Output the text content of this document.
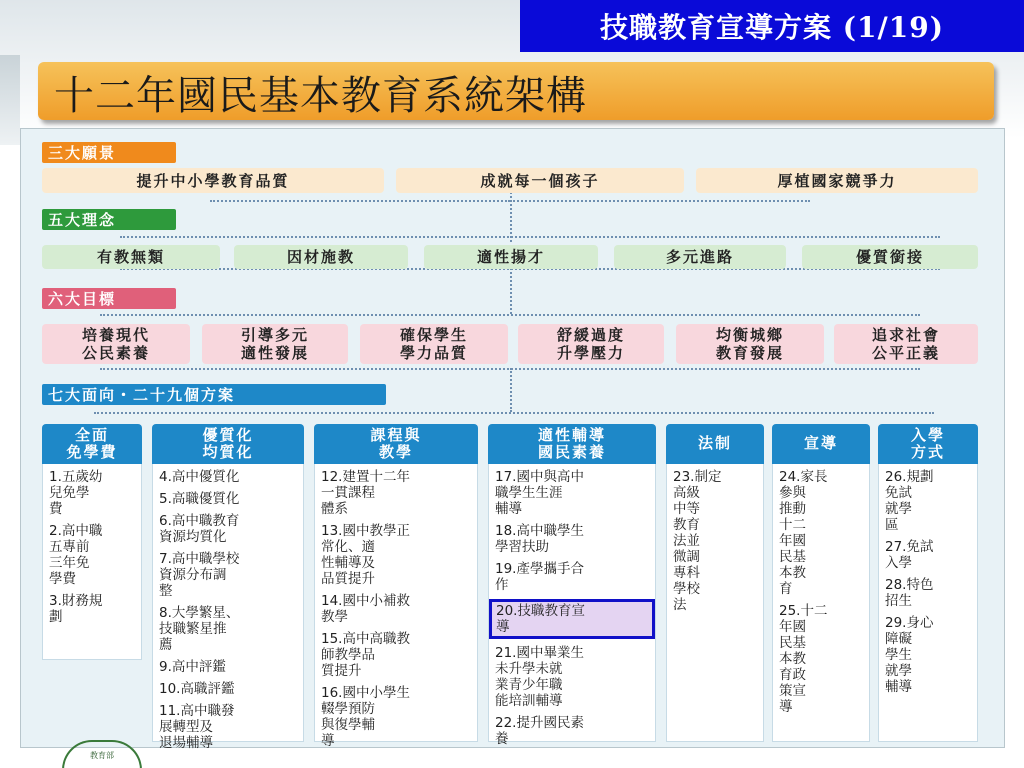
技職教育宣導方案 (1/19)
十二年國民基本教育系統架構
三大願景
五大理念
六大目標
七大面向・二十九個方案
提升中小學教育品質	成就每一個孩子	厚植國家競爭力
有教無類	因材施教	適性揚才	多元進路	優質銜接
培養現代
公民素養
引導多元
適性發展
確保學生
學力品質
舒緩過度
升學壓力
均衡城鄉
教育發展
追求社會
公平正義
全面
免學費
1.五歲幼
兒免學
費
2.高中職
五專前
三年免
學費
3.財務規
劃
優質化
均質化
4.高中優質化
5.高職優質化
6.高中職教育
資源均質化
7.高中職學校
資源分布調
整
8.大學繁星、
技職繁星推
薦
9.高中評鑑
10.高職評鑑
11.高中職發
展轉型及
退場輔導
課程與
教學
12.建置十二年
一貫課程
體系
13.國中教學正
常化、適
性輔導及
品質提升
14.國中小補救
教學
15.高中高職教
師教學品
質提升
16.國中小學生
輟學預防
與復學輔
導
適性輔導
國民素養
17.國中與高中
職學生生涯
輔導
18.高中職學生
學習扶助
19.產學攜手合
作
20.技職教育宣
導
21.國中畢業生
未升學未就
業青少年職
能培訓輔導
22.提升國民素
養
法制
23.制定
高級
中等
教育
法並
微調
專科
學校
法
宣導
24.家長
參與
推動
十二
年國
民基
本教
育
25.十二
年國
民基
本教
育政
策宣
導
入學
方式
26.規劃
免試
就學
區
27.免試
入學
28.特色
招生
29.身心
障礙
學生
就學
輔導
教育部
